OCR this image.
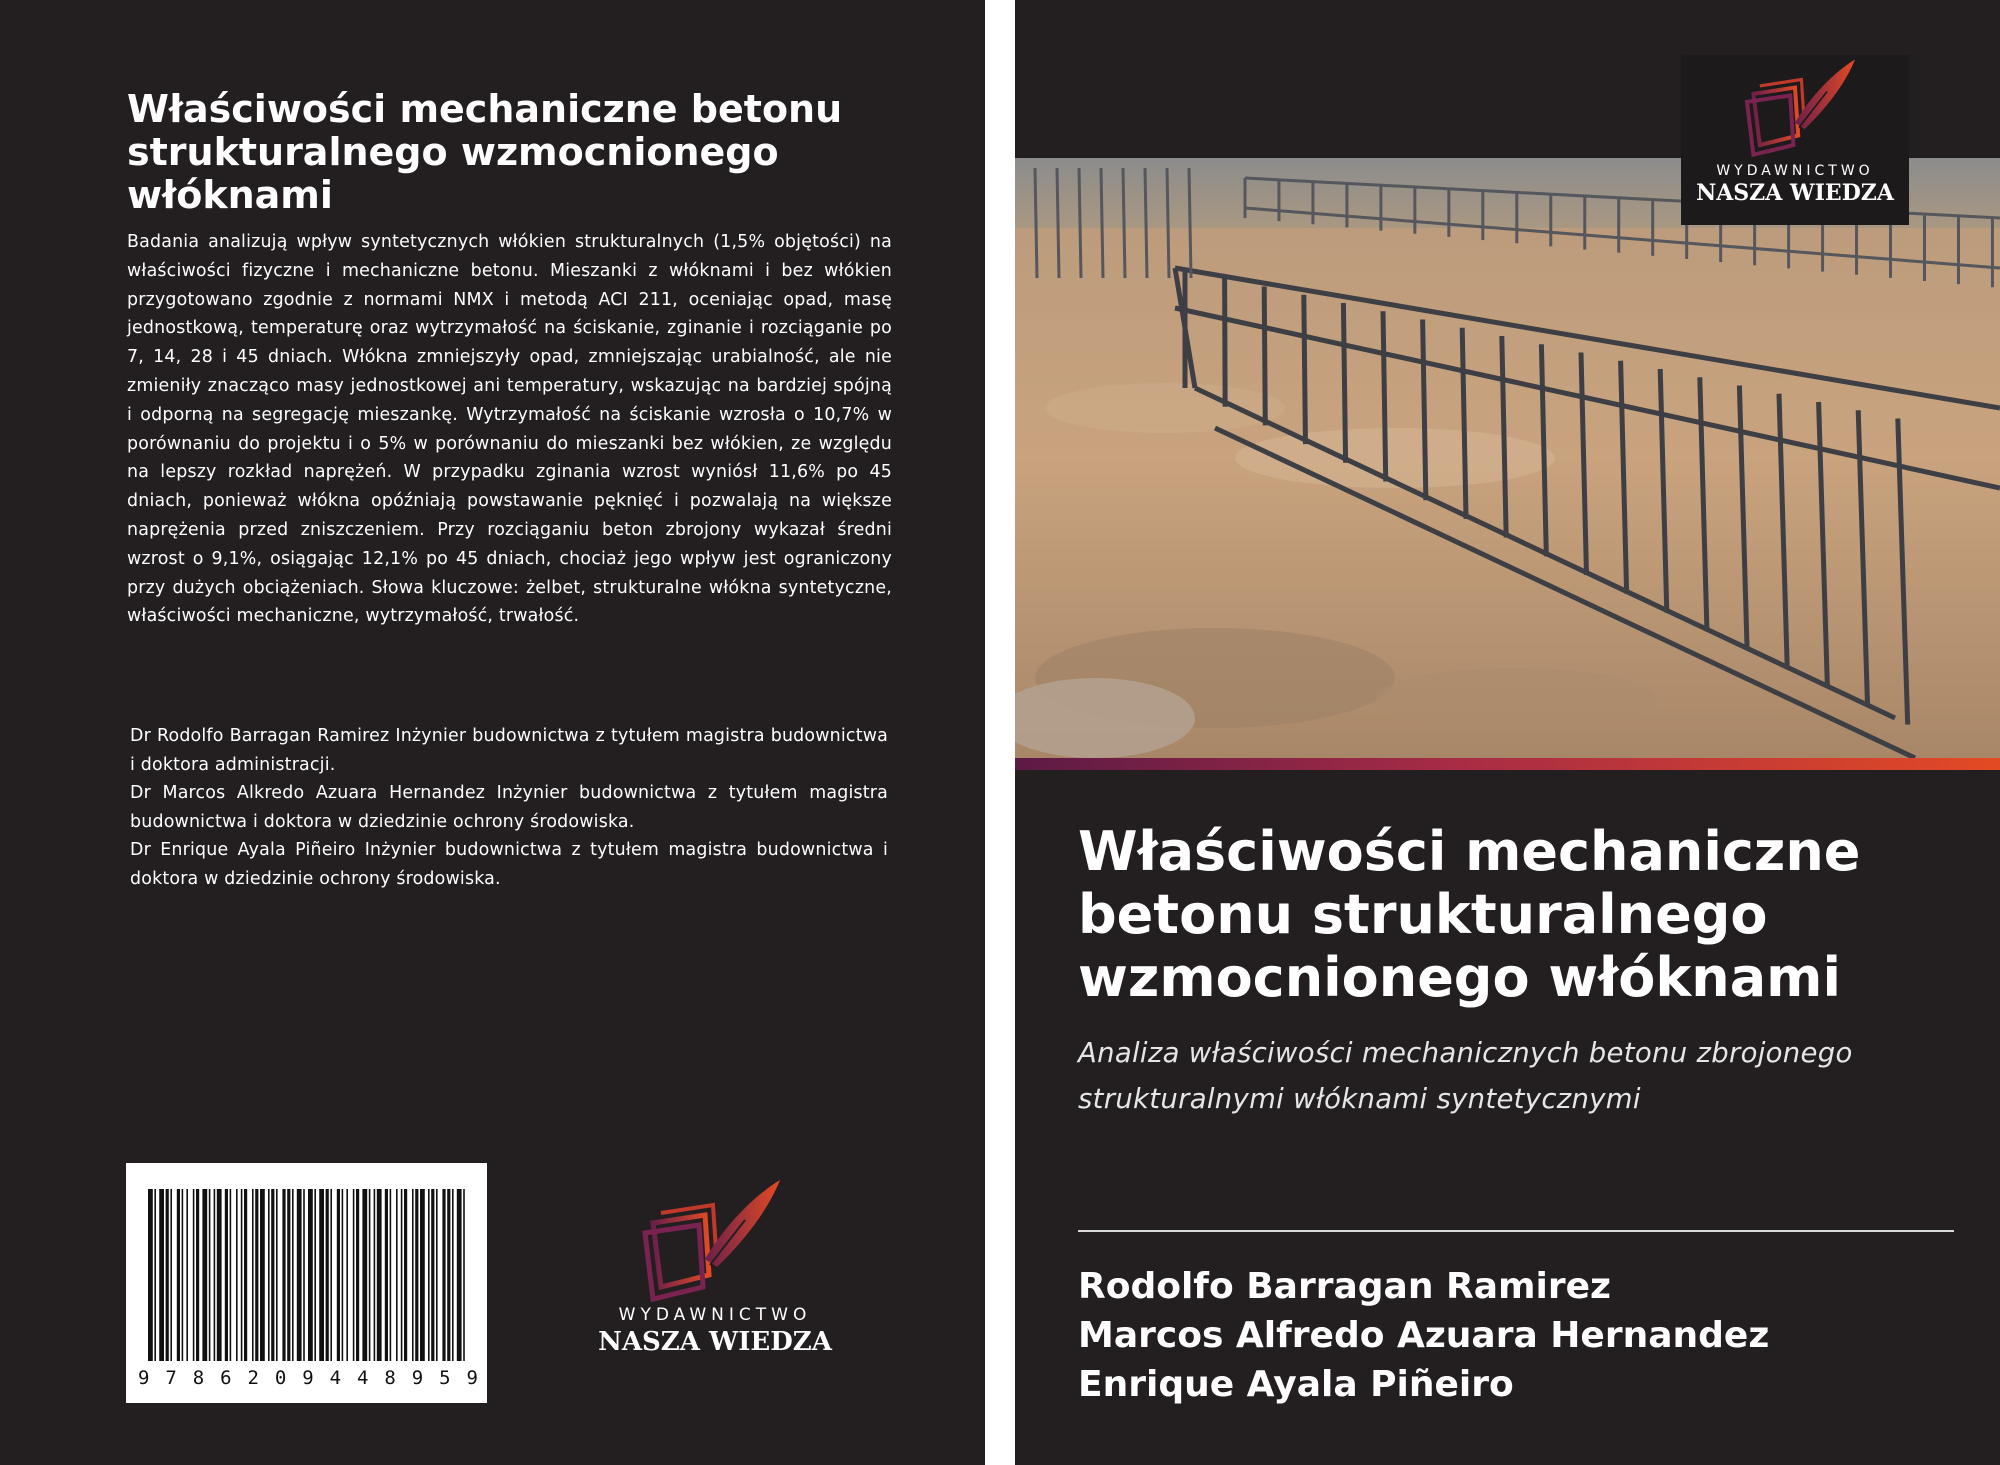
Właściwości mechaniczne betonu strukturalnego wzmocnionego włóknami

Badania analizują wpływ syntetycznych włókien strukturalnych (1,5% objętości) na właściwości fizyczne i mechaniczne betonu. Mieszanki z włóknami i bez włókien przygotowano zgodnie z normami NMX i metodą ACI 211, oceniając opad, masę jednostkową, temperaturę oraz wytrzymałość na ściskanie, zginanie i rozciąganie po 7, 14, 28 i 45 dniach. Włókna zmniejszyły opad, zmniejszając urabialność, ale nie zmieniły znacząco masy jednostkowej ani temperatury, wskazując na bardziej spójną i odporną na segregację mieszankę. Wytrzymałość na ściskanie wzrosła o 10,7% w porównaniu do projektu i o 5% w porównaniu do mieszanki bez włókien, ze względu na lepszy rozkład naprężeń. W przypadku zginania wzrost wyniósł 11,6% po 45 dniach, ponieważ włókna opóźniają powstawanie pęknięć i pozwalają na większe naprężenia przed zniszczeniem. Przy rozciąganiu beton zbrojony wykazał średni wzrost o 9,1%, osiągając 12,1% po 45 dniach, chociaż jego wpływ jest ograniczony przy dużych obciążeniach. Słowa kluczowe: żelbet, strukturalne włókna syntetyczne, właściwości mechaniczne, wytrzymałość, trwałość.

Dr Rodolfo Barragan Ramirez Inżynier budownictwa z tytułem magistra budownictwa i doktora administracji.

Dr Marcos Alkredo Azuara Hernandez Inżynier budownictwa z tytułem magistra budownictwa i doktora w dziedzinie ochrony środowiska.

Dr Enrique Ayala Piñeiro Inżynier budownictwa z tytułem magistra budownictwa i doktora w dziedzinie ochrony środowiska.

9 7 8 6 2 0 9 4 4 8 9 5 9
WYDAWNICTWO
NASZA WIEDZA
WYDAWNICTWO
NASZA WIEDZA
Właściwości mechaniczne
betonu strukturalnego
wzmocnionego włóknami
Analiza właściwości mechanicznych betonu zbrojonego
strukturalnymi włóknami syntetycznymi
Rodolfo Barragan Ramirez
Marcos Alfredo Azuara Hernandez
Enrique Ayala Piñeiro
